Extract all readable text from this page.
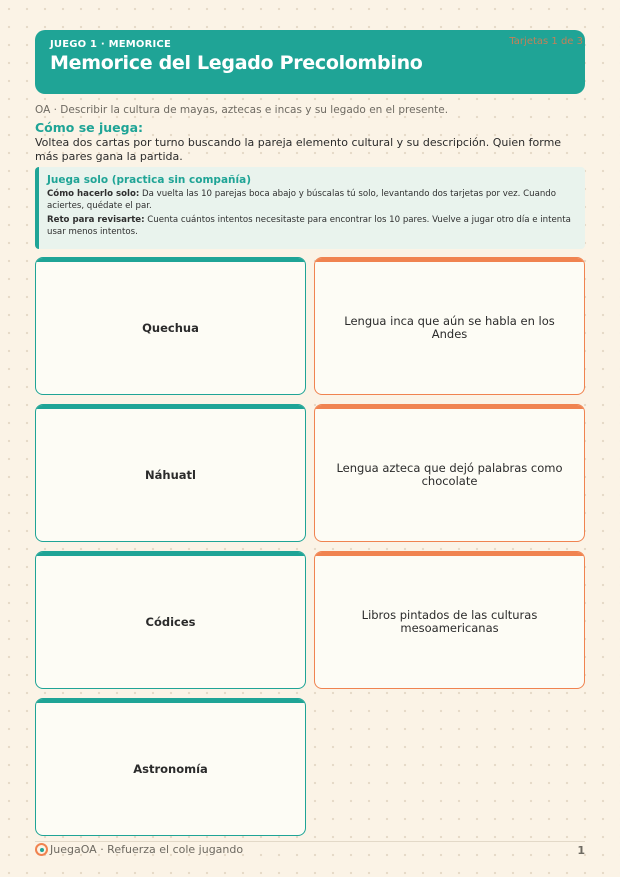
JUEGO 1 · MEMORICE
Memorice del Legado Precolombino
Tarjetas 1 de 3
OA · Describir la cultura de mayas, aztecas e incas y su legado en el presente.
Cómo se juega:
Voltea dos cartas por turno buscando la pareja elemento cultural y su descripción. Quien forme más pares gana la partida.
Juega solo (practica sin compañía)
Cómo hacerlo solo: Da vuelta las 10 parejas boca abajo y búscalas tú solo, levantando dos tarjetas por vez. Cuando aciertes, quédate el par.
Reto para revisarte: Cuenta cuántos intentos necesitaste para encontrar los 10 pares. Vuelve a jugar otro día e intenta usar menos intentos.
Quechua	Lengua inca que aún se habla en los Andes
Náhuatl	Lengua azteca que dejó palabras como chocolate
Códices	Libros pintados de las culturas mesoamericanas
Astronomía
JuegaOA · Refuerza el cole jugando	1
